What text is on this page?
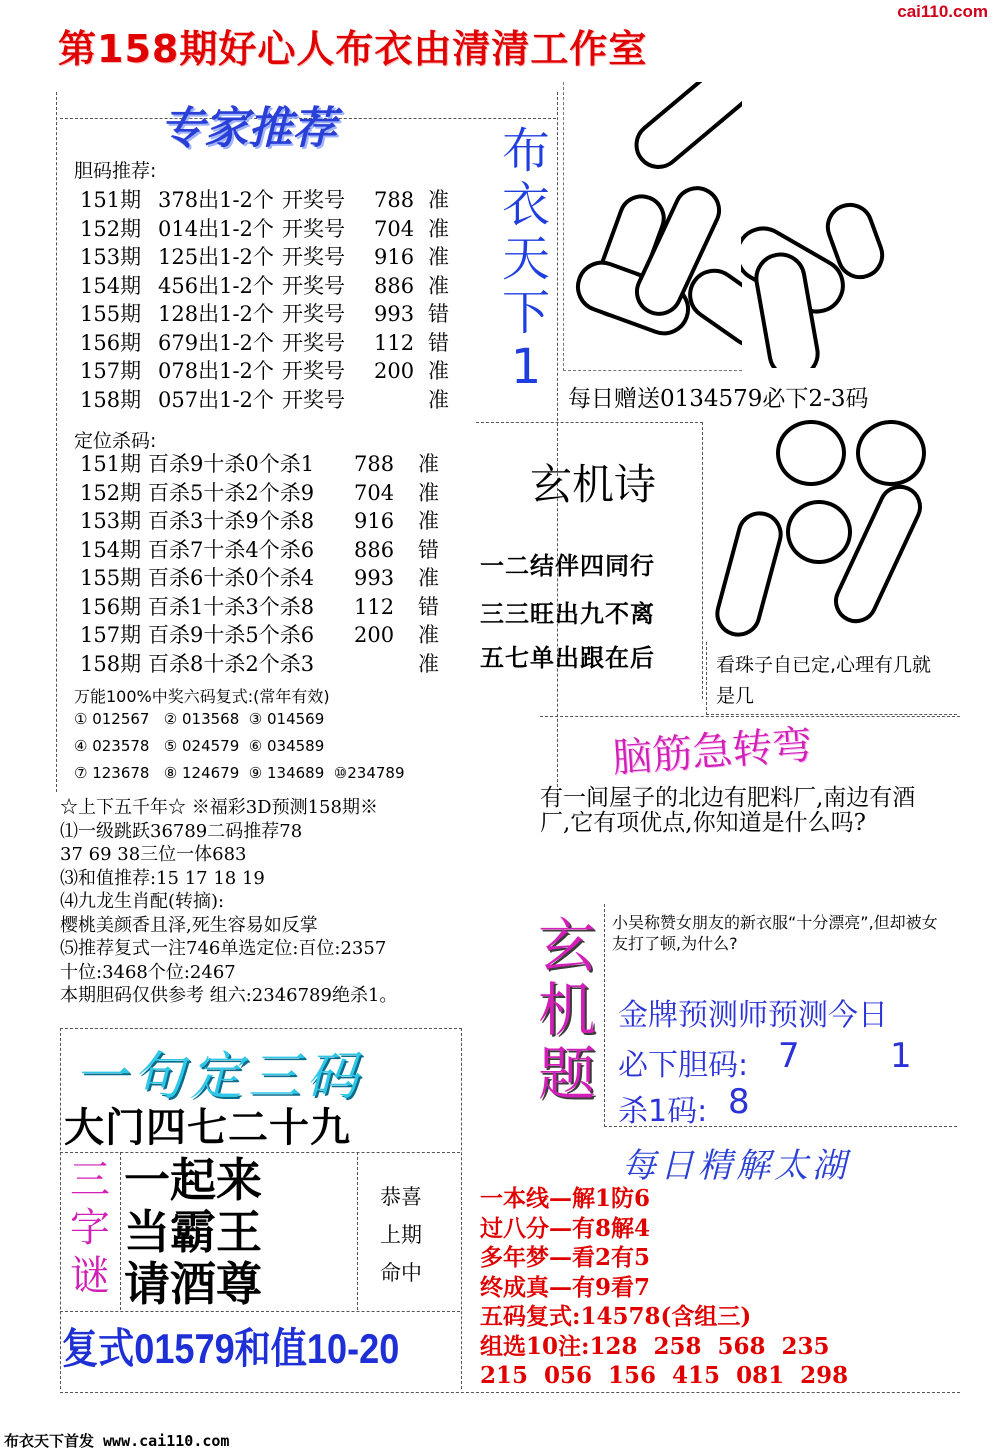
cai110.com
第158期好心人布衣由清清工作室
专家推荐
胆码推荐:
151期 378出1-2个 开奖号 788 准
152期 014出1-2个 开奖号 704 准
153期 125出1-2个 开奖号 916 准
154期 456出1-2个 开奖号 886 准
155期 128出1-2个 开奖号 993 错
156期 679出1-2个 开奖号 112 错
157期 078出1-2个 开奖号 200 准
158期 057出1-2个 开奖号	准
定位杀码:
151期 百杀9十杀0个杀1 788 准
152期 百杀5十杀2个杀9 704 准
153期 百杀3十杀9个杀8 916 准
154期 百杀7十杀4个杀6 886 错
155期 百杀6十杀0个杀4 993 准
156期 百杀1十杀3个杀8 112 错
157期 百杀9十杀5个杀6 200 准
158期 百杀8十杀2个杀3	准
万能100%中奖六码复式:(常年有效)
① 012567   ② 013568  ③ 014569
④ 023578   ⑤ 024579  ⑥ 034589
⑦ 123678   ⑧ 124679  ⑨ 134689  ⑩234789
☆上下五千年☆ ※福彩3D预测158期※
⑴一级跳跃36789二码推荐78
37 69 38三位一体683
⑶和值推荐:15 17 18 19
⑷九龙生肖配(转摘):
樱桃美颜香且泽,死生容易如反掌
⑸推荐复式一注746单选定位:百位:2357
十位:3468个位:2467
本期胆码仅供参考 组六:2346789绝杀1。
布
衣
天
下
1
每日赠送0134579必下2-3码
玄机诗
一二结伴四同行
三三旺出九不离
五七单出跟在后	看珠子自已定,心理有几就是几
脑筋急转弯
有一间屋子的北边有肥料厂,南边有酒厂,它有项优点,你知道是什么吗?
玄
机
题
小吴称赞女朋友的新衣服“十分漂亮”,但却被女友打了顿,为什么?
金牌预测师预测今日
必下胆码: 7	1
杀1码: 8
一句定三码
大门四七二十九
三
字
谜
一起来
当霸王
请酒尊
恭喜
上期
命中
复式01579和值10-20
每日精解太湖
一本线—解1防6
过八分—有8解4
多年梦—看2有5
终成真—有9看7
五码复式:14578(含组三)
组选10注:128 258 568 235
215 056 156 415 081 298
布衣天下首发 www.cai110.com
